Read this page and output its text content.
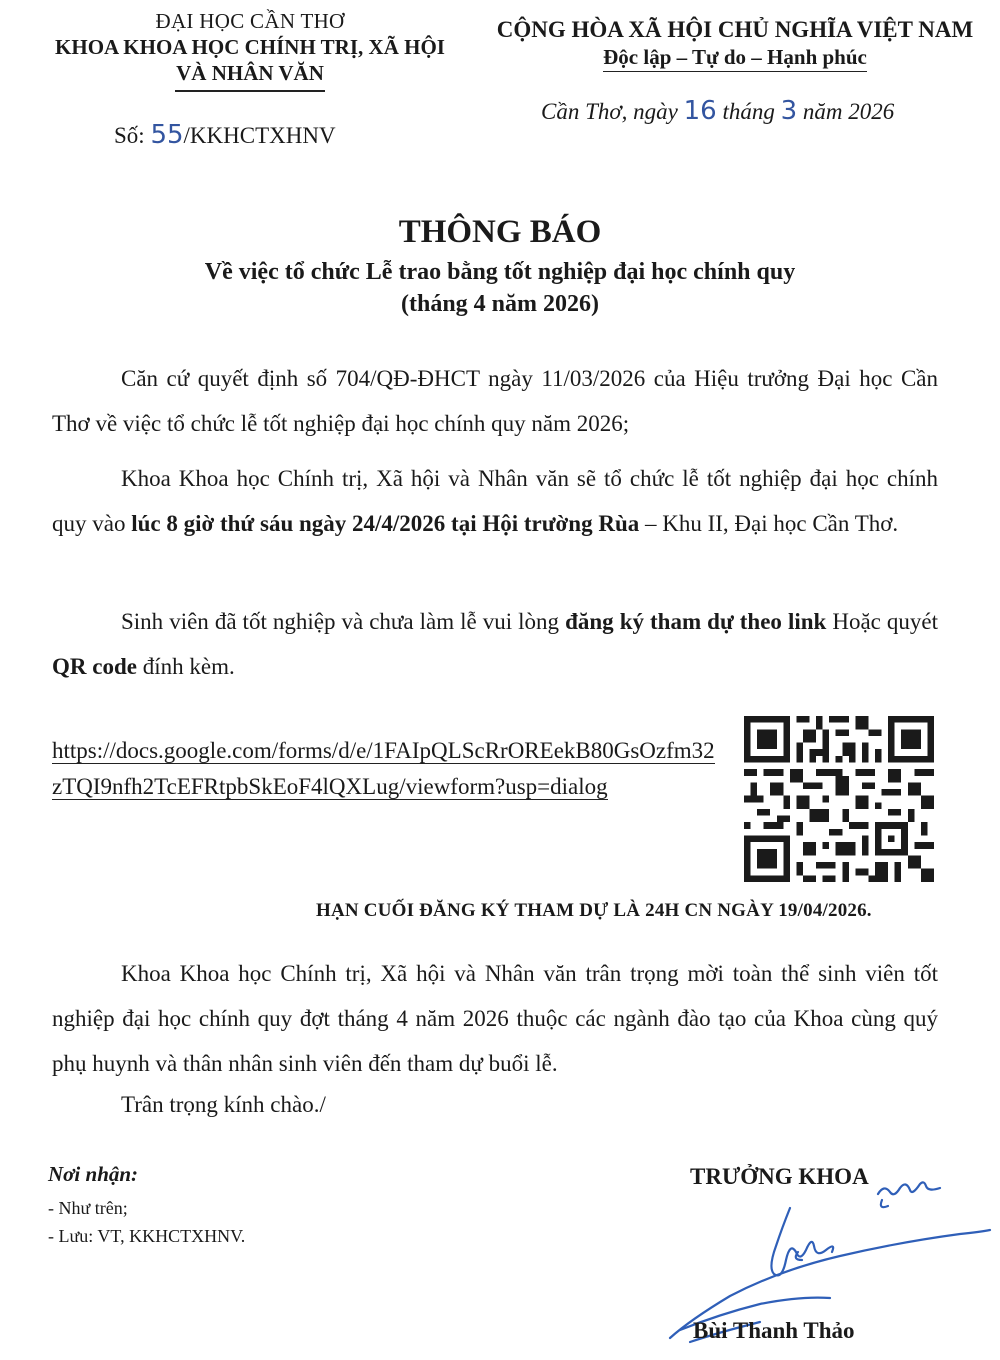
ĐẠI HỌC CẦN THƠ
KHOA KHOA HỌC CHÍNH TRỊ, XÃ HỘI
VÀ NHÂN VĂN
CỘNG HÒA XÃ HỘI CHỦ NGHĨA VIỆT NAM
Độc lập – Tự do – Hạnh phúc
Số: 55/KKHCTXHNV
Cần Thơ, ngày 16 tháng 3 năm 2026
THÔNG BÁO
Về việc tổ chức Lễ trao bằng tốt nghiệp đại học chính quy
(tháng 4 năm 2026)
Căn cứ quyết định số 704/QĐ-ĐHCT ngày 11/03/2026 của Hiệu trưởng Đại học Cần Thơ về việc tổ chức lễ tốt nghiệp đại học chính quy năm 2026;
Khoa Khoa học Chính trị, Xã hội và Nhân văn sẽ tổ chức lễ tốt nghiệp đại học chính quy vào lúc 8 giờ thứ sáu ngày 24/4/2026 tại Hội trường Rùa – Khu II, Đại học Cần Thơ.
Sinh viên đã tốt nghiệp và chưa làm lễ vui lòng đăng ký tham dự theo link Hoặc quyét QR code đính kèm.
https://docs.google.com/forms/d/e/1FAIpQLScRrOREekB80GsOzfm32zTQI9nfh2TcEFRtpbSkEoF4lQXLug/viewform?usp=dialog
HẠN CUỐI ĐĂNG KÝ THAM DỰ LÀ 24H CN NGÀY 19/04/2026.
Khoa Khoa học Chính trị, Xã hội và Nhân văn trân trọng mời toàn thể sinh viên tốt nghiệp đại học chính quy đợt tháng 4 năm 2026 thuộc các ngành đào tạo của Khoa cùng quý phụ huynh và thân nhân sinh viên đến tham dự buổi lễ.
Trân trọng kính chào./
Nơi nhận:
- Như trên;
- Lưu: VT, KKHCTXHNV.
TRƯỞNG KHOA
Bùi Thanh Thảo
